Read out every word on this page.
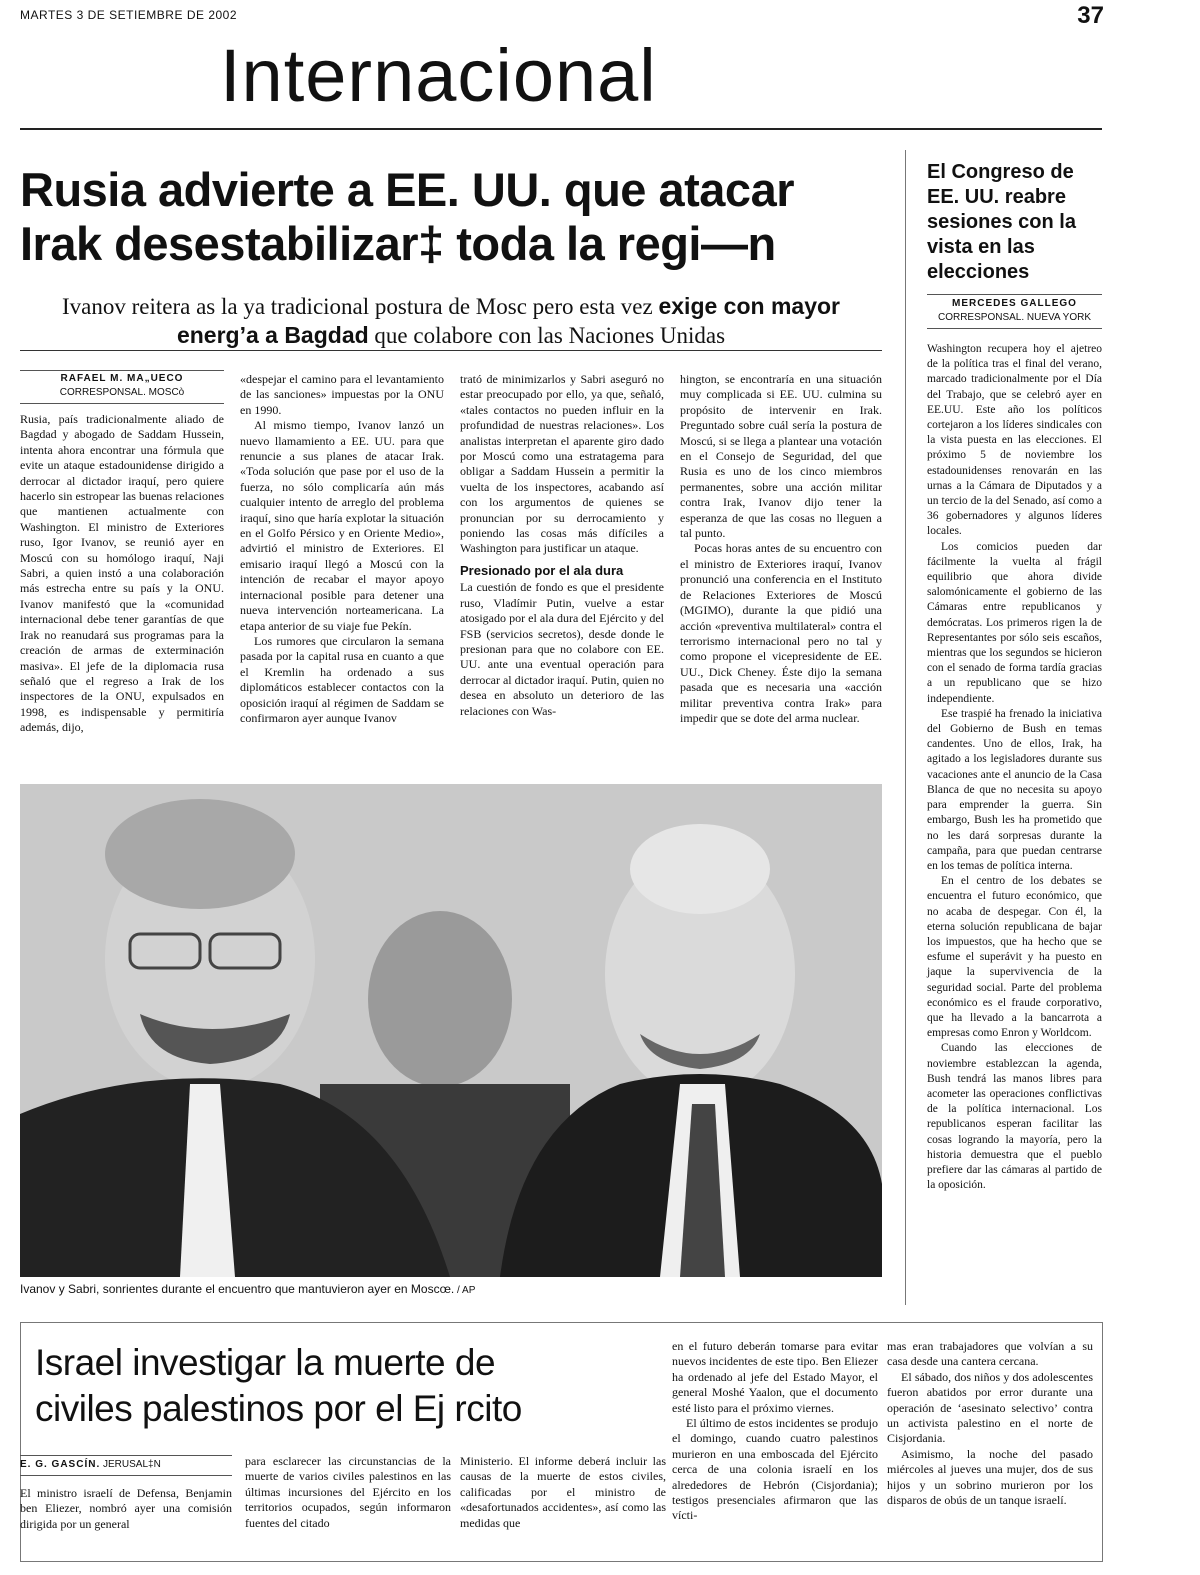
MARTES 3 DE SETIEMBRE DE 2002	37
Internacional
Rusia advierte a EE. UU. que atacar
Irak desestabilizar‡ toda la regi—n
Ivanov reitera as la ya tradicional postura de Mosc pero esta vez exige con mayor energ’a a Bagdad que colabore con las Naciones Unidas
RAFAEL M. MA„UECO
CORRESPONSAL. MOSCò

Rusia, país tradicionalmente aliado de Bagdad y abogado de Saddam Hussein, intenta ahora encontrar una fórmula que evite un ataque estadounidense dirigido a derrocar al dictador iraquí, pero quiere hacerlo sin estropear las buenas relaciones que mantienen actualmente con Washington. El ministro de Exteriores ruso, Igor Ivanov, se reunió ayer en Moscú con su homólogo iraquí, Naji Sabri, a quien instó a una colaboración más estrecha entre su país y la ONU. Ivanov manifestó que la «comunidad internacional debe tener garantías de que Irak no reanudará sus programas para la creación de armas de exterminación masiva». El jefe de la diplomacia rusa señaló que el regreso a Irak de los inspectores de la ONU, expulsados en 1998, es indispensable y permitiría además, dijo,

«despejar el camino para el levantamiento de las sanciones» impuestas por la ONU en 1990.

Al mismo tiempo, Ivanov lanzó un nuevo llamamiento a EE. UU. para que renuncie a sus planes de atacar Irak. «Toda solución que pase por el uso de la fuerza, no sólo complicaría aún más cualquier intento de arreglo del problema iraquí, sino que haría explotar la situación en el Golfo Pérsico y en Oriente Medio», advirtió el ministro de Exteriores. El emisario iraquí llegó a Moscú con la intención de recabar el mayor apoyo internacional posible para detener una nueva intervención norteamericana. La etapa anterior de su viaje fue Pekín.

Los rumores que circularon la semana pasada por la capital rusa en cuanto a que el Kremlin ha ordenado a sus diplomáticos establecer contactos con la oposición iraquí al régimen de Saddam se confirmaron ayer aunque Ivanov

trató de minimizarlos y Sabri aseguró no estar preocupado por ello, ya que, señaló, «tales contactos no pueden influir en la profundidad de nuestras relaciones». Los analistas interpretan el aparente giro dado por Moscú como una estratagema para obligar a Saddam Hussein a permitir la vuelta de los inspectores, acabando así con los argumentos de quienes se pronuncian por su derrocamiento y poniendo las cosas más difíciles a Washington para justificar un ataque.

Presionado por el ala dura

La cuestión de fondo es que el presidente ruso, Vladímir Putin, vuelve a estar atosigado por el ala dura del Ejército y del FSB (servicios secretos), desde donde le presionan para que no colabore con EE. UU. ante una eventual operación para derrocar al dictador iraquí. Putin, quien no desea en absoluto un deterioro de las relaciones con Was-

hington, se encontraría en una situación muy complicada si EE. UU. culmina su propósito de intervenir en Irak. Preguntado sobre cuál sería la postura de Moscú, si se llega a plantear una votación en el Consejo de Seguridad, del que Rusia es uno de los cinco miembros permanentes, sobre una acción militar contra Irak, Ivanov dijo tener la esperanza de que las cosas no lleguen a tal punto.

Pocas horas antes de su encuentro con el ministro de Exteriores iraquí, Ivanov pronunció una conferencia en el Instituto de Relaciones Exteriores de Moscú (MGIMO), durante la que pidió una acción «preventiva multilateral» contra el terrorismo internacional pero no tal y como propone el vicepresidente de EE. UU., Dick Cheney. Éste dijo la semana pasada que es necesaria una «acción militar preventiva contra Irak» para impedir que se dote del arma nuclear.

Ivanov y Sabri, sonrientes durante el encuentro que mantuvieron ayer en Moscœ. / AP
El Congreso de EE. UU. reabre sesiones con la vista en las elecciones
MERCEDES GALLEGO
CORRESPONSAL. NUEVA YORK

Washington recupera hoy el ajetreo de la política tras el final del verano, marcado tradicionalmente por el Día del Trabajo, que se celebró ayer en EE.UU. Este año los políticos cortejaron a los líderes sindicales con la vista puesta en las elecciones. El próximo 5 de noviembre los estadounidenses renovarán en las urnas a la Cámara de Diputados y a un tercio de la del Senado, así como a 36 gobernadores y algunos líderes locales.

Los comicios pueden dar fácilmente la vuelta al frágil equilibrio que ahora divide salomónicamente el gobierno de las Cámaras entre republicanos y demócratas. Los primeros rigen la de Representantes por sólo seis escaños, mientras que los segundos se hicieron con el senado de forma tardía gracias a un republicano que se hizo independiente.

Ese traspié ha frenado la iniciativa del Gobierno de Bush en temas candentes. Uno de ellos, Irak, ha agitado a los legisladores durante sus vacaciones ante el anuncio de la Casa Blanca de que no necesita su apoyo para emprender la guerra. Sin embargo, Bush les ha prometido que no les dará sorpresas durante la campaña, para que puedan centrarse en los temas de política interna.

En el centro de los debates se encuentra el futuro económico, que no acaba de despegar. Con él, la eterna solución republicana de bajar los impuestos, que ha hecho que se esfume el superávit y ha puesto en jaque la supervivencia de la seguridad social. Parte del problema económico es el fraude corporativo, que ha llevado a la bancarrota a empresas como Enron y Worldcom.

Cuando las elecciones de noviembre establezcan la agenda, Bush tendrá las manos libres para acometer las operaciones conflictivas de la política internacional. Los republicanos esperan facilitar las cosas logrando la mayoría, pero la historia demuestra que el pueblo prefiere dar las cámaras al partido de la oposición.

Israel investigar la muerte de
civiles palestinos por el Ej rcito
E. G. GASCÍN. JERUSAL‡N

El ministro israelí de Defensa, Benjamin ben Eliezer, nombró ayer una comisión dirigida por un general

para esclarecer las circunstancias de la muerte de varios civiles palestinos en las últimas incursiones del Ejército en los territorios ocupados, según informaron fuentes del citado

Ministerio. El informe deberá incluir las causas de la muerte de estos civiles, calificadas por el ministro de «desafortunados accidentes», así como las medidas que

en el futuro deberán tomarse para evitar nuevos incidentes de este tipo. Ben Eliezer ha ordenado al jefe del Estado Mayor, el general Moshé Yaalon, que el documento esté listo para el próximo viernes.

El último de estos incidentes se produjo el domingo, cuando cuatro palestinos murieron en una emboscada del Ejército cerca de una colonia israelí en los alrededores de Hebrón (Cisjordania); testigos presenciales afirmaron que las vícti-

mas eran trabajadores que volvían a su casa desde una cantera cercana.

El sábado, dos niños y dos adolescentes fueron abatidos por error durante una operación de ‘asesinato selectivo’ contra un activista palestino en el norte de Cisjordania.

Asimismo, la noche del pasado miércoles al jueves una mujer, dos de sus hijos y un sobrino murieron por los disparos de obús de un tanque israelí.
